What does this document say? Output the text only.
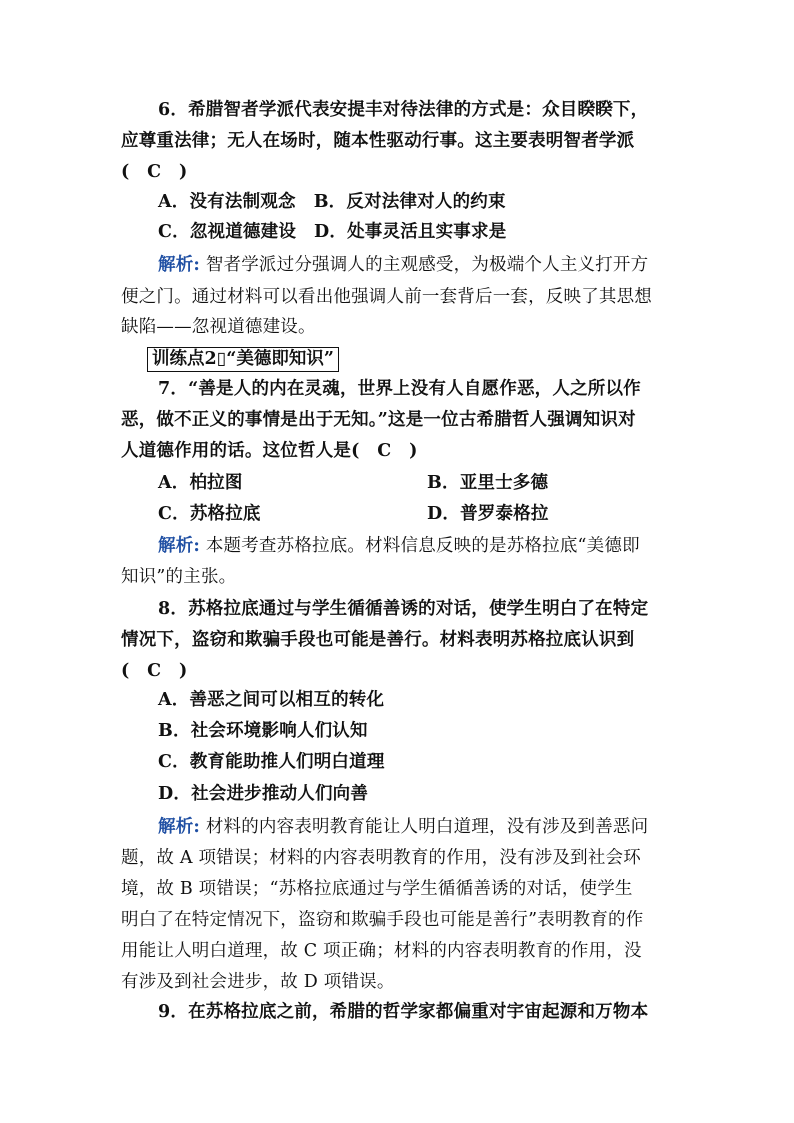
6．希腊智者学派代表安提丰对待法律的方式是：众目睽睽下，
应尊重法律；无人在场时，随本性驱动行事。这主要表明智者学派
(　C　)
A．没有法制观念 B．反对法律对人的约束
C．忽视道德建设 D．处事灵活且实事求是
解析: 智者学派过分强调人的主观感受，为极端个人主义打开方
便之门。通过材料可以看出他强调人前一套背后一套，反映了其思想
缺陷——忽视道德建设。
训练点2▯“美德即知识”
7．“善是人的内在灵魂，世界上没有人自愿作恶，人之所以作
恶，做不正义的事情是出于无知。”这是一位古希腊哲人强调知识对
人道德作用的话。这位哲人是(　C　)
A．柏拉图	B．亚里士多德
C．苏格拉底	D．普罗泰格拉
解析: 本题考查苏格拉底。材料信息反映的是苏格拉底“美德即
知识”的主张。
8．苏格拉底通过与学生循循善诱的对话，使学生明白了在特定
情况下，盗窃和欺骗手段也可能是善行。材料表明苏格拉底认识到
(　C　)
A．善恶之间可以相互的转化
B．社会环境影响人们认知
C．教育能助推人们明白道理
D．社会进步推动人们向善
解析: 材料的内容表明教育能让人明白道理，没有涉及到善恶问
题，故 A 项错误；材料的内容表明教育的作用，没有涉及到社会环
境，故 B 项错误；“苏格拉底通过与学生循循善诱的对话，使学生
明白了在特定情况下，盗窃和欺骗手段也可能是善行”表明教育的作
用能让人明白道理，故 C 项正确；材料的内容表明教育的作用，没
有涉及到社会进步，故 D 项错误。
9．在苏格拉底之前，希腊的哲学家都偏重对宇宙起源和万物本
